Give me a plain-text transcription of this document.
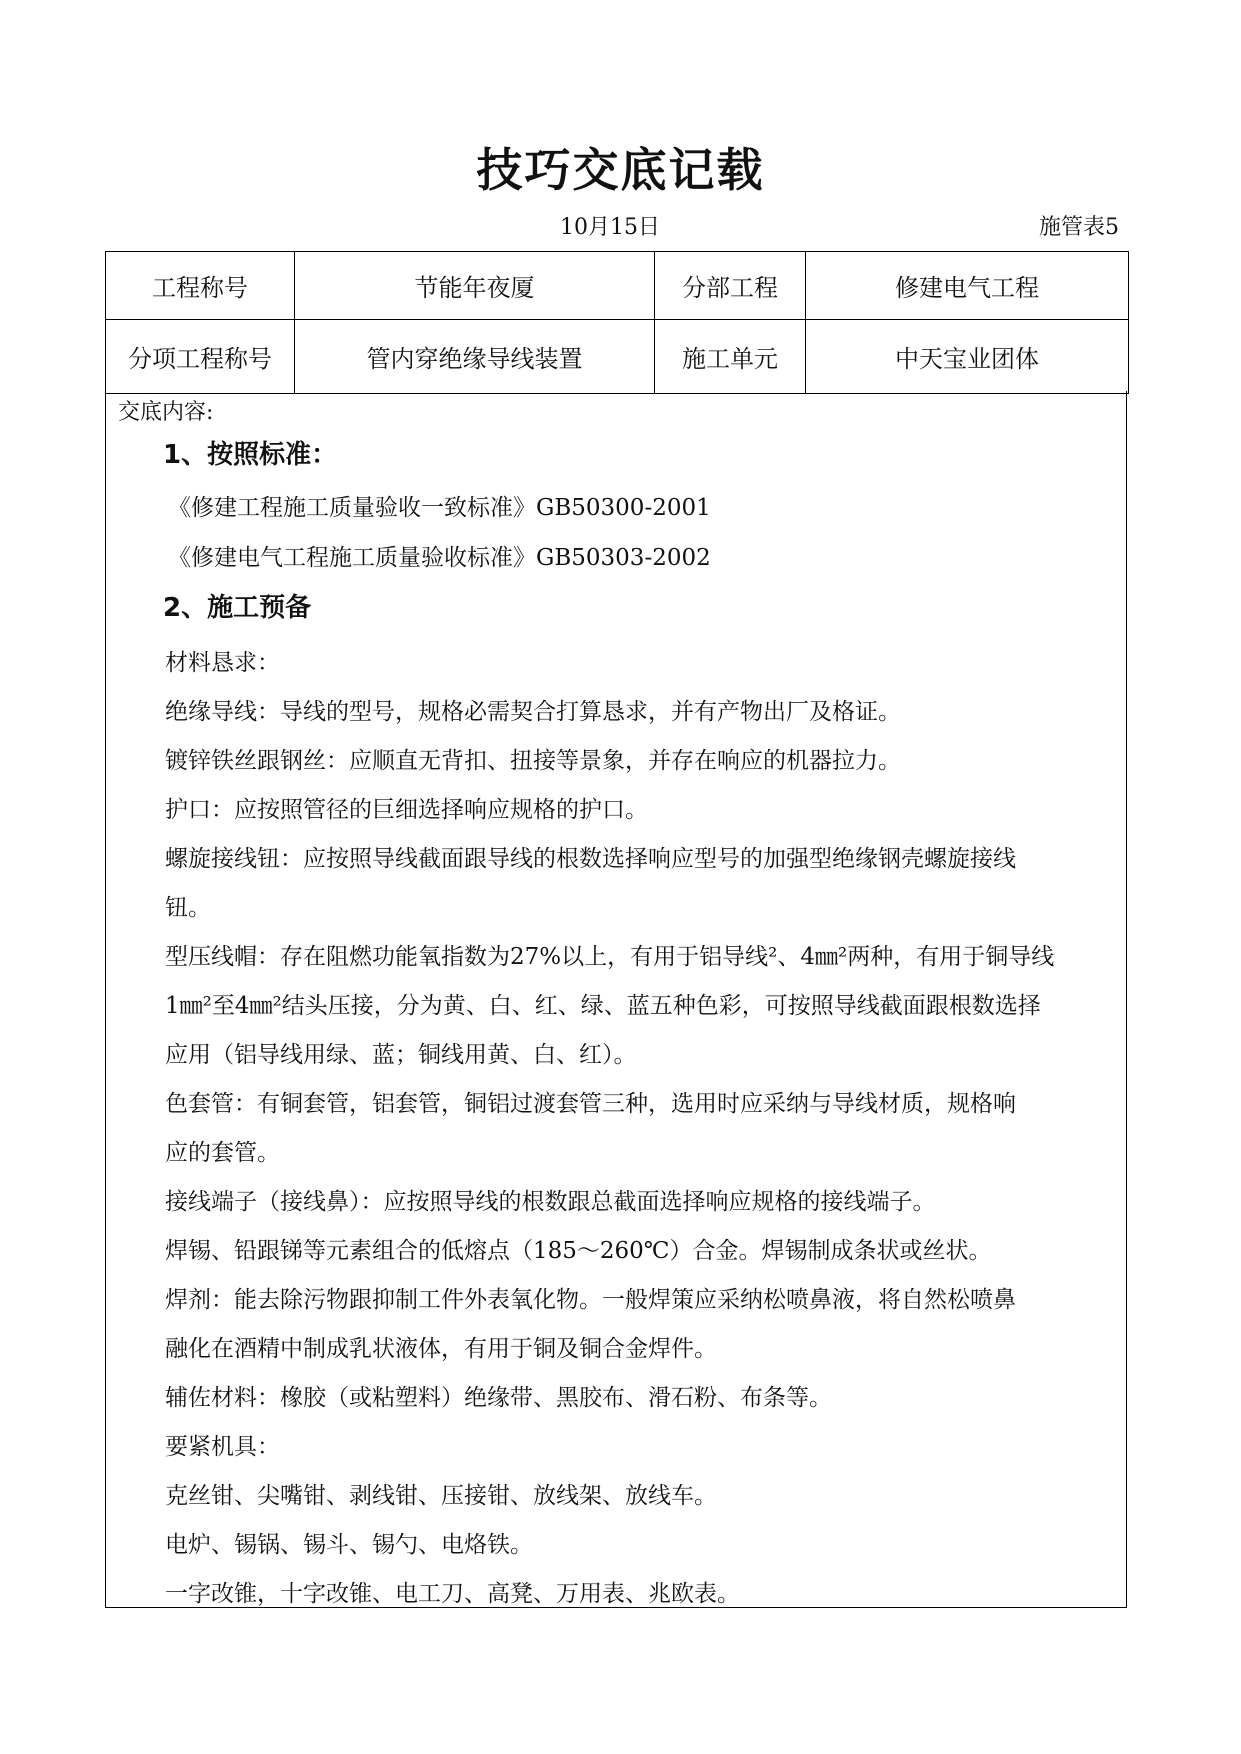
技巧交底记载
10月15日	施管表5
工程称号	节能年夜厦	分部工程	修建电气工程
分项工程称号	管内穿绝缘导线装置	施工单元	中天宝业团体
交底内容:
1、按照标准：
《修建工程施工质量验收一致标准》GB50300-2001
《修建电气工程施工质量验收标准》GB50303-2002
2、施工预备
材料恳求：
绝缘导线：导线的型号，规格必需契合打算恳求，并有产物出厂及格证。
镀锌铁丝跟钢丝：应顺直无背扣、扭接等景象，并存在响应的机器拉力。
护口：应按照管径的巨细选择响应规格的护口。
螺旋接线钮：应按照导线截面跟导线的根数选择响应型号的加强型绝缘钢壳螺旋接线
钮。
型压线帽：存在阻燃功能氧指数为27%以上，有用于铝导线²、4㎜²两种，有用于铜导线
1㎜²至4㎜²结头压接，分为黄、白、红、绿、蓝五种色彩，可按照导线截面跟根数选择
应用（铝导线用绿、蓝；铜线用黄、白、红）。
色套管：有铜套管，铝套管，铜铝过渡套管三种，选用时应采纳与导线材质，规格响
应的套管。
接线端子（接线鼻）：应按照导线的根数跟总截面选择响应规格的接线端子。
焊锡、铅跟锑等元素组合的低熔点（185～260℃）合金。焊锡制成条状或丝状。
焊剂：能去除污物跟抑制工件外表氧化物。一般焊策应采纳松喷鼻液，将自然松喷鼻
融化在酒精中制成乳状液体，有用于铜及铜合金焊件。
辅佐材料：橡胶（或粘塑料）绝缘带、黑胶布、滑石粉、布条等。
要紧机具：
克丝钳、尖嘴钳、剥线钳、压接钳、放线架、放线车。
电炉、锡锅、锡斗、锡勺、电烙铁。
一字改锥，十字改锥、电工刀、高凳、万用表、兆欧表。
